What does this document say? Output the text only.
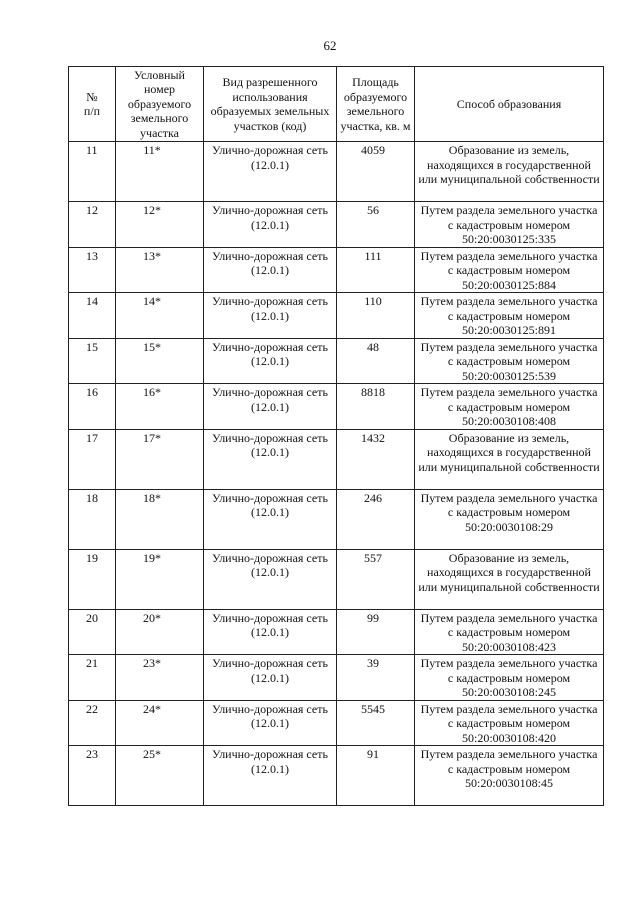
62
№
п/п	Условный номер образуемого земельного участка	Вид разрешенного использования образуемых земельных участков (код)	Площадь образуемого земельного участка, кв. м	Способ образования
11	11*	Улично-дорожная сеть (12.0.1)	4059	Образование из земель, находящихся в государственной или муниципальной собственности
12	12*	Улично-дорожная сеть (12.0.1)	56	Путем раздела земельного участка с кадастровым номером 50:20:0030125:335
13	13*	Улично-дорожная сеть (12.0.1)	111	Путем раздела земельного участка с кадастровым номером 50:20:0030125:884
14	14*	Улично-дорожная сеть (12.0.1)	110	Путем раздела земельного участка с кадастровым номером 50:20:0030125:891
15	15*	Улично-дорожная сеть (12.0.1)	48	Путем раздела земельного участка с кадастровым номером 50:20:0030125:539
16	16*	Улично-дорожная сеть (12.0.1)	8818	Путем раздела земельного участка с кадастровым номером 50:20:0030108:408
17	17*	Улично-дорожная сеть (12.0.1)	1432	Образование из земель, находящихся в государственной или муниципальной собственности
18	18*	Улично-дорожная сеть (12.0.1)	246	Путем раздела земельного участка с кадастровым номером 50:20:0030108:29
19	19*	Улично-дорожная сеть (12.0.1)	557	Образование из земель, находящихся в государственной или муниципальной собственности
20	20*	Улично-дорожная сеть (12.0.1)	99	Путем раздела земельного участка с кадастровым номером 50:20:0030108:423
21	23*	Улично-дорожная сеть (12.0.1)	39	Путем раздела земельного участка с кадастровым номером 50:20:0030108:245
22	24*	Улично-дорожная сеть (12.0.1)	5545	Путем раздела земельного участка с кадастровым номером 50:20:0030108:420
23	25*	Улично-дорожная сеть (12.0.1)	91	Путем раздела земельного участка с кадастровым номером 50:20:0030108:45
